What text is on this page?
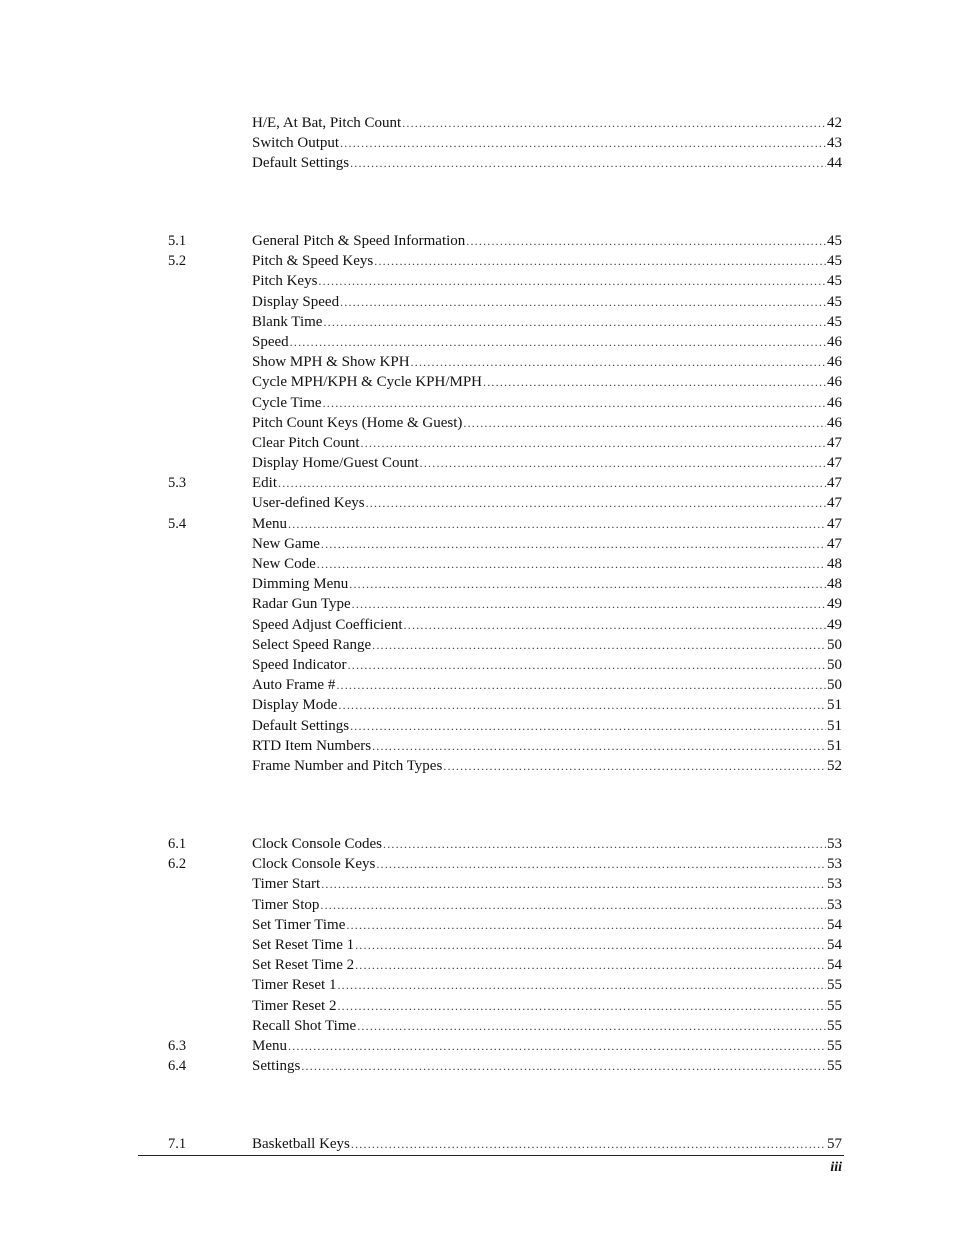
H/E, At Bat, Pitch Count .....	42
Switch Output .....	43
Default Settings .....	44
5.1	General Pitch & Speed Information .....	45
5.2	Pitch & Speed Keys .....	45
Pitch Keys .....	45
Display Speed .....	45
Blank Time .....	45
Speed .....	46
Show MPH & Show KPH .....	46
Cycle MPH/KPH & Cycle KPH/MPH .....	46
Cycle Time .....	46
Pitch Count Keys (Home & Guest) .....	46
Clear Pitch Count .....	47
Display Home/Guest Count .....	47
5.3	Edit .....	47
User-defined Keys .....	47
5.4	Menu .....	47
New Game .....	47
New Code .....	48
Dimming Menu .....	48
Radar Gun Type .....	49
Speed Adjust Coefficient .....	49
Select Speed Range .....	50
Speed Indicator .....	50
Auto Frame # .....	50
Display Mode .....	51
Default Settings .....	51
RTD Item Numbers .....	51
Frame Number and Pitch Types .....	52
6.1	Clock Console Codes .....	53
6.2	Clock Console Keys .....	53
Timer Start .....	53
Timer Stop .....	53
Set Timer Time .....	54
Set Reset Time 1 .....	54
Set Reset Time 2 .....	54
Timer Reset 1 .....	55
Timer Reset 2 .....	55
Recall Shot Time .....	55
6.3	Menu .....	55
6.4	Settings .....	55
7.1	Basketball Keys .....	57
iii
